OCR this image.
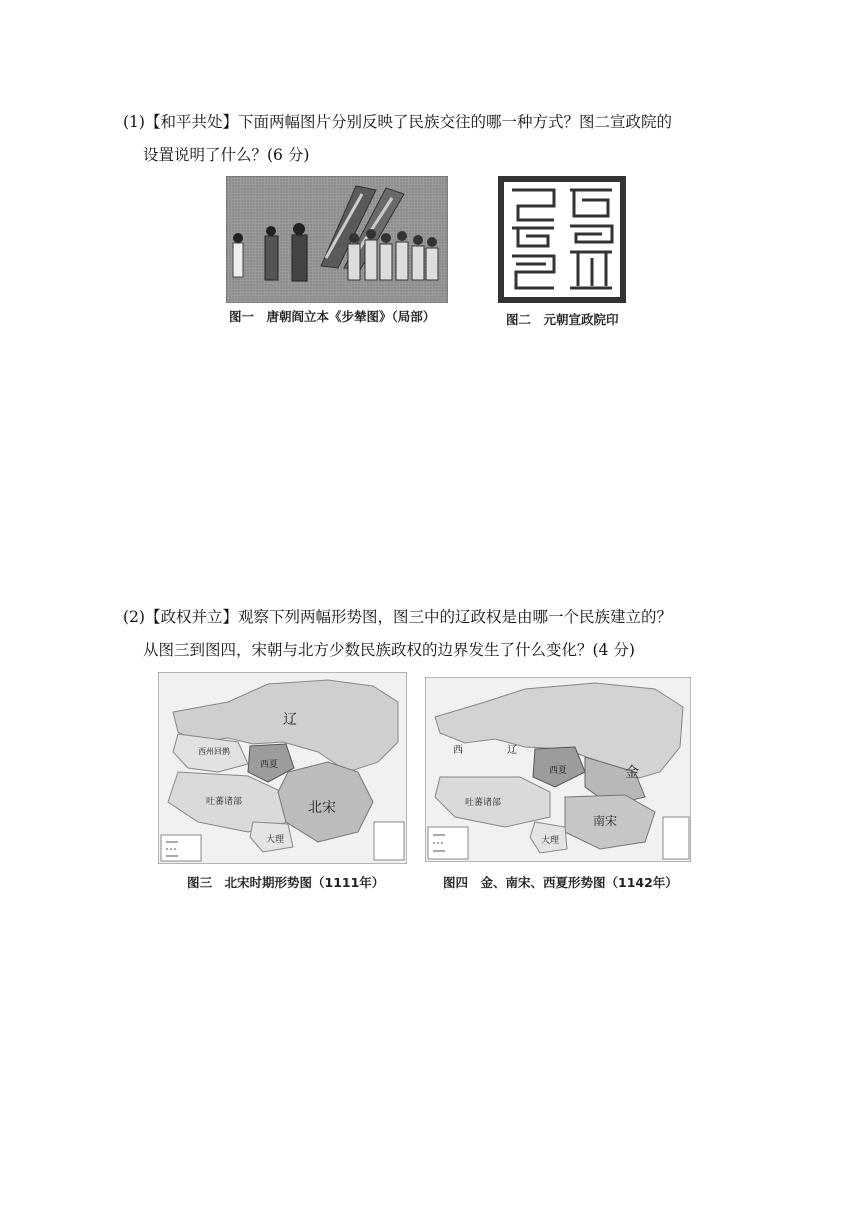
(1)【和平共处】下面两幅图片分别反映了民族交往的哪一种方式？图二宣政院的
设置说明了什么？(6 分)
图一　唐朝阎立本《步辇图》（局部）	图二　元朝宣政院印
(2)【政权并立】观察下列两幅形势图，图三中的辽政权是由哪一个民族建立的？
从图三到图四，宋朝与北方少数民族政权的边界发生了什么变化？(4 分)
辽
西州回鹘
西夏
吐蕃诸部	北宋
大理
图三　北宋时期形势图（1111年）
西	辽
西夏	金
吐蕃诸部
南宋
大理
图四　金、南宋、西夏形势图（1142年）
